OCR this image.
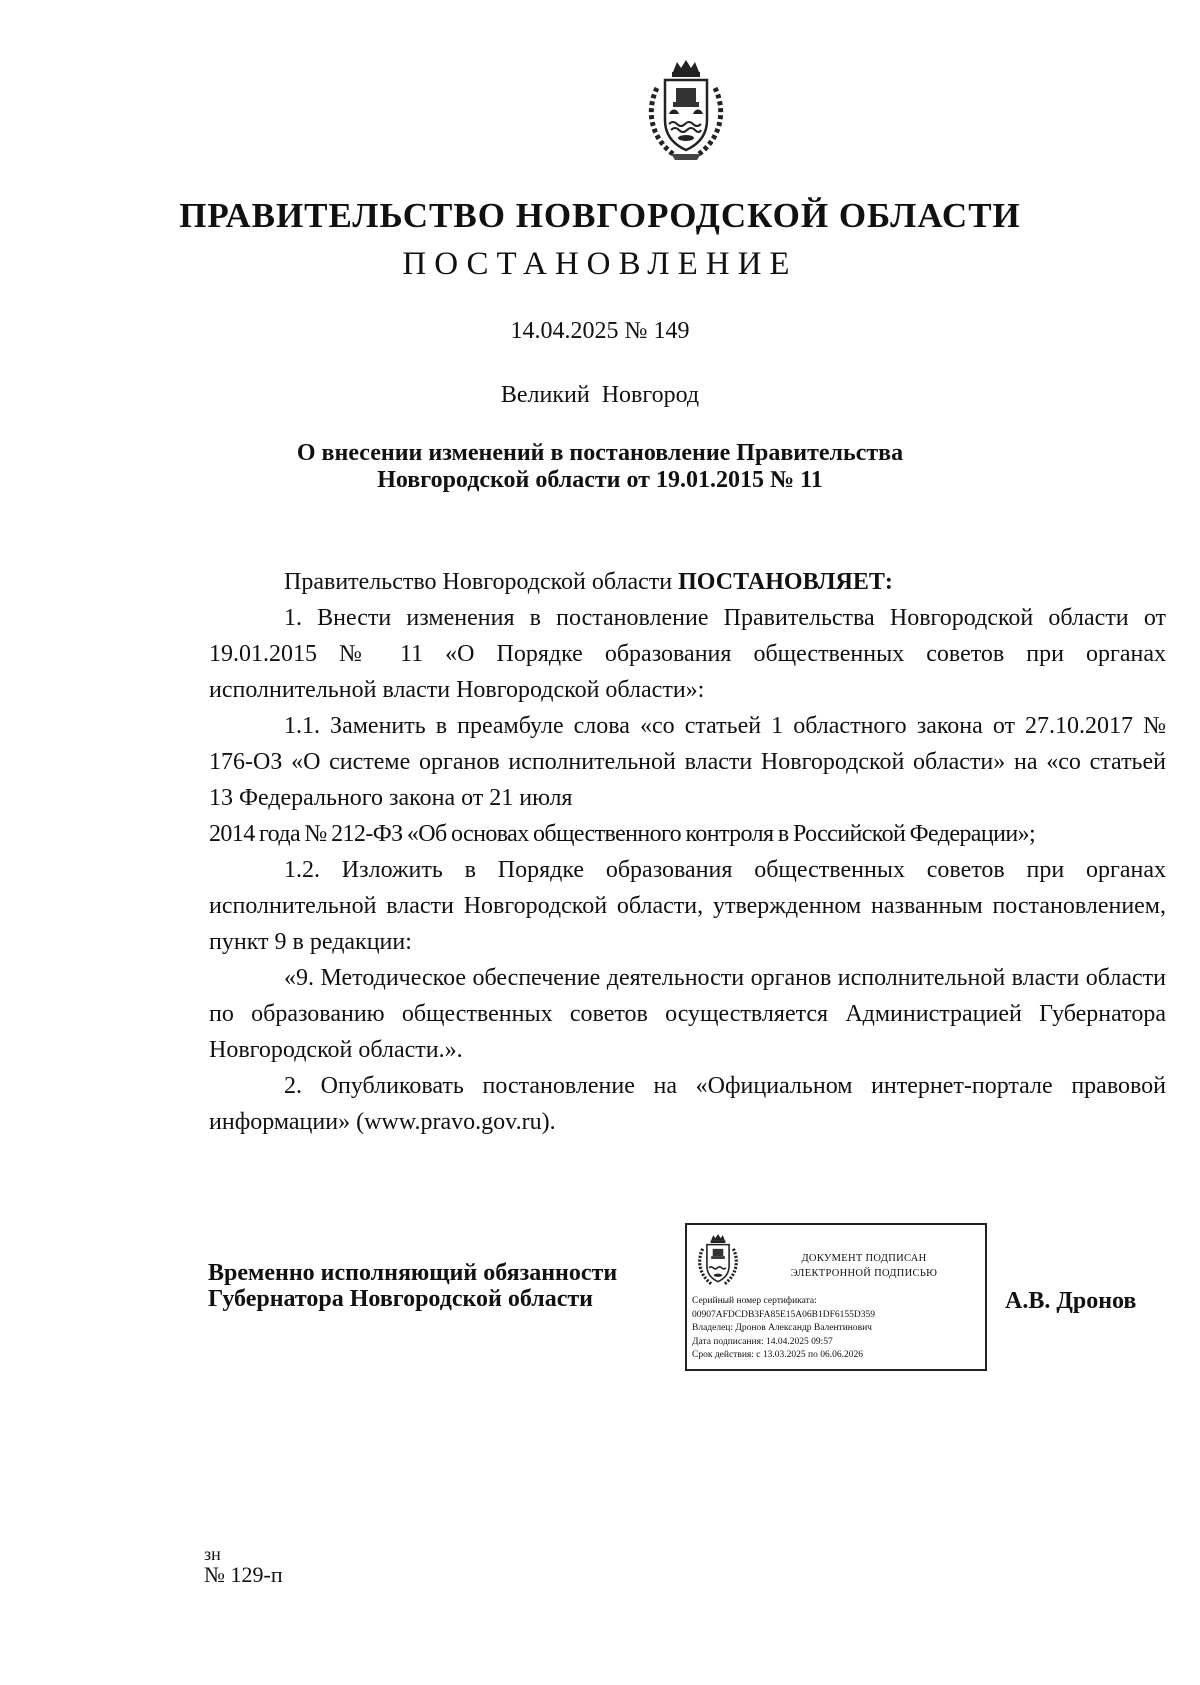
ПРАВИТЕЛЬСТВО НОВГОРОДСКОЙ ОБЛАСТИ
ПОСТАНОВЛЕНИЕ
14.04.2025 № 149
Великий Новгород
О внесении изменений в постановление Правительства
Новгородской области от 19.01.2015 № 11

Правительство Новгородской области ПОСТАНОВЛЯЕТ:

1. Внести изменения в постановление Правительства Новгородской области от 19.01.2015 № 11 «О Порядке образования общественных советов при органах исполнительной власти Новгородской области»:

1.1. Заменить в преамбуле слова «со статьей 1 областного закона от 27.10.2017 № 176-ОЗ «О системе органов исполнительной власти Новгородской области» на «со статьей 13 Федерального закона от 21 июля

2014 года № 212-ФЗ «Об основах общественного контроля в Российской Федерации»;

1.2. Изложить в Порядке образования общественных советов при органах исполнительной власти Новгородской области, утвержденном названным постановлением, пункт 9 в редакции:

«9. Методическое обеспечение деятельности органов исполнительной власти области по образованию общественных советов осуществляется Администрацией Губернатора Новгородской области.».

2. Опубликовать постановление на «Официальном интернет-портале правовой информации» (www.pravo.gov.ru).

Временно исполняющий обязанности
Губернатора Новгородской области
ДОКУМЕНТ ПОДПИСАН
ЭЛЕКТРОННОЙ ПОДПИСЬЮ
Серийный номер сертификата:
00907AFDCDB3FA85E15A06B1DF6155D359
Владелец: Дронов Александр Валентинович
Дата подписания: 14.04.2025 09:57
Срок действия: с 13.03.2025 по 06.06.2026
А.В. Дронов
зн
№ 129-п
